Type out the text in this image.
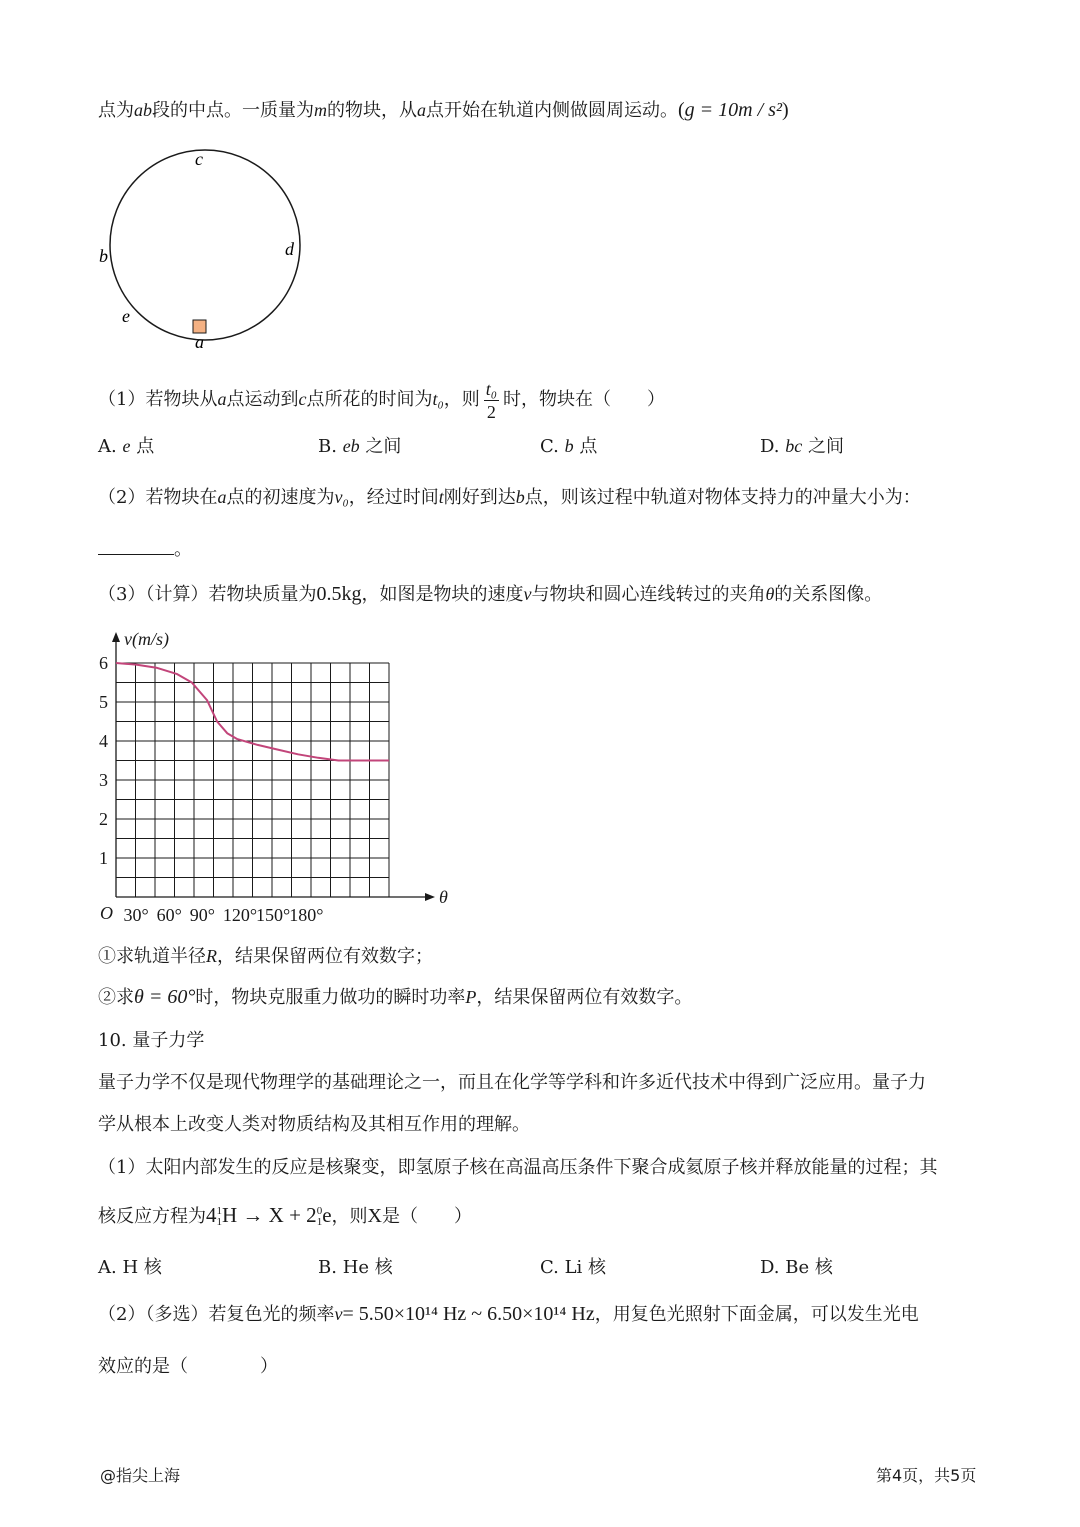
点为ab段的中点。一质量为m的物块，从a点开始在轨道内侧做圆周运动。(g = 10m / s²)
c
b	d
e
a
（1）若物块从a点运动到c点所花的时间为t₀，则 $\frac{\text{t₀}}{2}$ 时，物块在（　　）
A. e 点	B. eb 之间	C. b 点	D. bc 之间
（2）若物块在a点的初速度为v₀，经过时间t刚好到达b点，则该过程中轨道对物体支持力的冲量大小为：
。
（3）（计算）若物块质量为0.5kg，如图是物块的速度v与物块和圆心连线转过的夹角θ的关系图像。
v(m/s)
θ
O
1
2
3
4
5
6
30° 60° 90° 120°
150°
180°
①求轨道半径R，结果保留两位有效数字；
②求θ = 60°时，物块克服重力做功的瞬时功率P，结果保留两位有效数字。
10. 量子力学
量子力学不仅是现代物理学的基础理论之一，而且在化学等学科和许多近代技术中得到广泛应用。量子力
学从根本上改变人类对物质结构及其相互作用的理解。
（1）太阳内部发生的反应是核聚变，即氢原子核在高温高压条件下聚合成氦原子核并释放能量的过程；其
核反应方程为4 1
1 H → X + 2 0
1 e，则X是（　　）
A. H 核	B. He 核	C. Li 核	D. Be 核
（2）（多选）若复色光的频率ν= 5.50×10¹⁴ Hz ~ 6.50×10¹⁴ Hz，用复色光照射下面金属，可以发生光电
效应的是（　　　　）
@指尖上海	第4页，共5页
